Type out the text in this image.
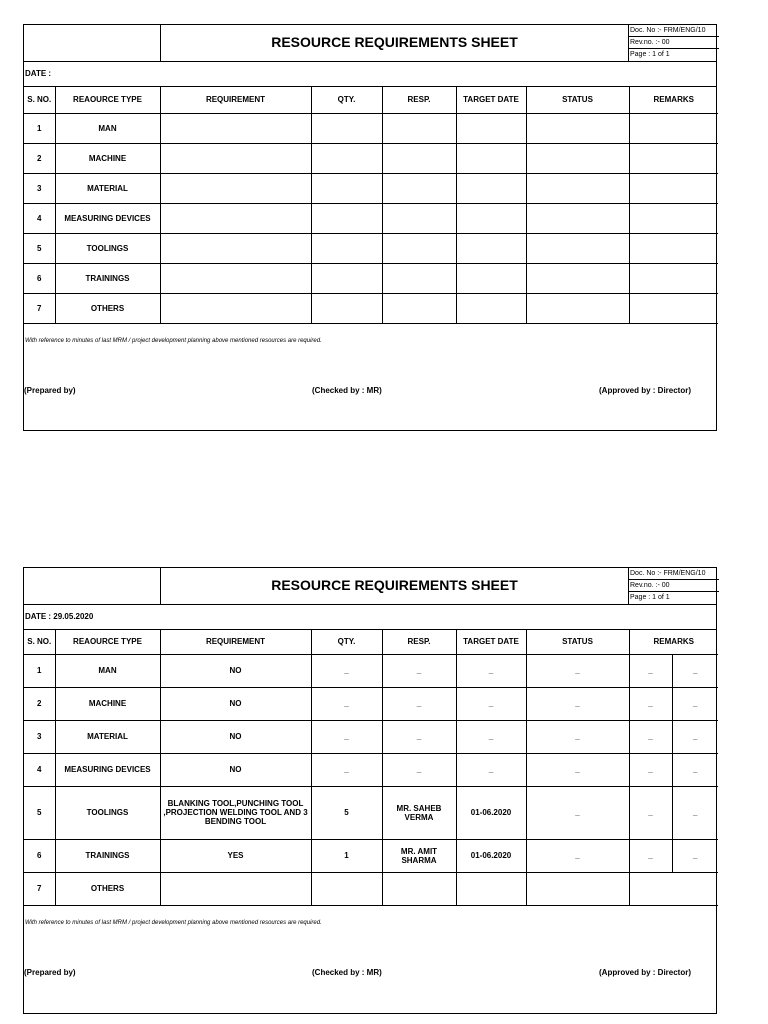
RESOURCE REQUIREMENTS SHEET
Doc. No :- FRM/ENG/10
Rev.no. :- 00
Page : 1 of 1
DATE :
S. NO.	REAOURCE TYPE	REQUIREMENT	QTY.	RESP.	TARGET DATE	STATUS	REMARKS
1	MAN						
2	MACHINE						
3	MATERIAL						
4	MEASURING DEVICES						
5	TOOLINGS						
6	TRAININGS						
7	OTHERS						
With reference to minutes of last MRM / project development planning above mentioned resources are required.
(Prepared by)	(Checked by : MR)	(Approved by : Director)
RESOURCE REQUIREMENTS SHEET
Doc. No :- FRM/ENG/10
Rev.no. :- 00
Page : 1 of 1
DATE : 29.05.2020
S. NO.	REAOURCE TYPE	REQUIREMENT	QTY.	RESP.	TARGET DATE	STATUS	REMARKS	
1	MAN	NO	_	_	_	_	_	_
2	MACHINE	NO	_	_	_	_	_	_
3	MATERIAL	NO	_	_	_	_	_	_
4	MEASURING DEVICES	NO	_	_	_	_	_	_
5	TOOLINGS	BLANKING TOOL,PUNCHING TOOL ,PROJECTION WELDING TOOL AND 3 BENDING TOOL	5	MR. SAHEB VERMA	01-06.2020	_	_	_
6	TRAININGS	YES	1	MR. AMIT SHARMA	01-06.2020	_	_	_
7	OTHERS							
With reference to minutes of last MRM / project development planning above mentioned resources are required.
(Prepared by)	(Checked by : MR)	(Approved by : Director)
